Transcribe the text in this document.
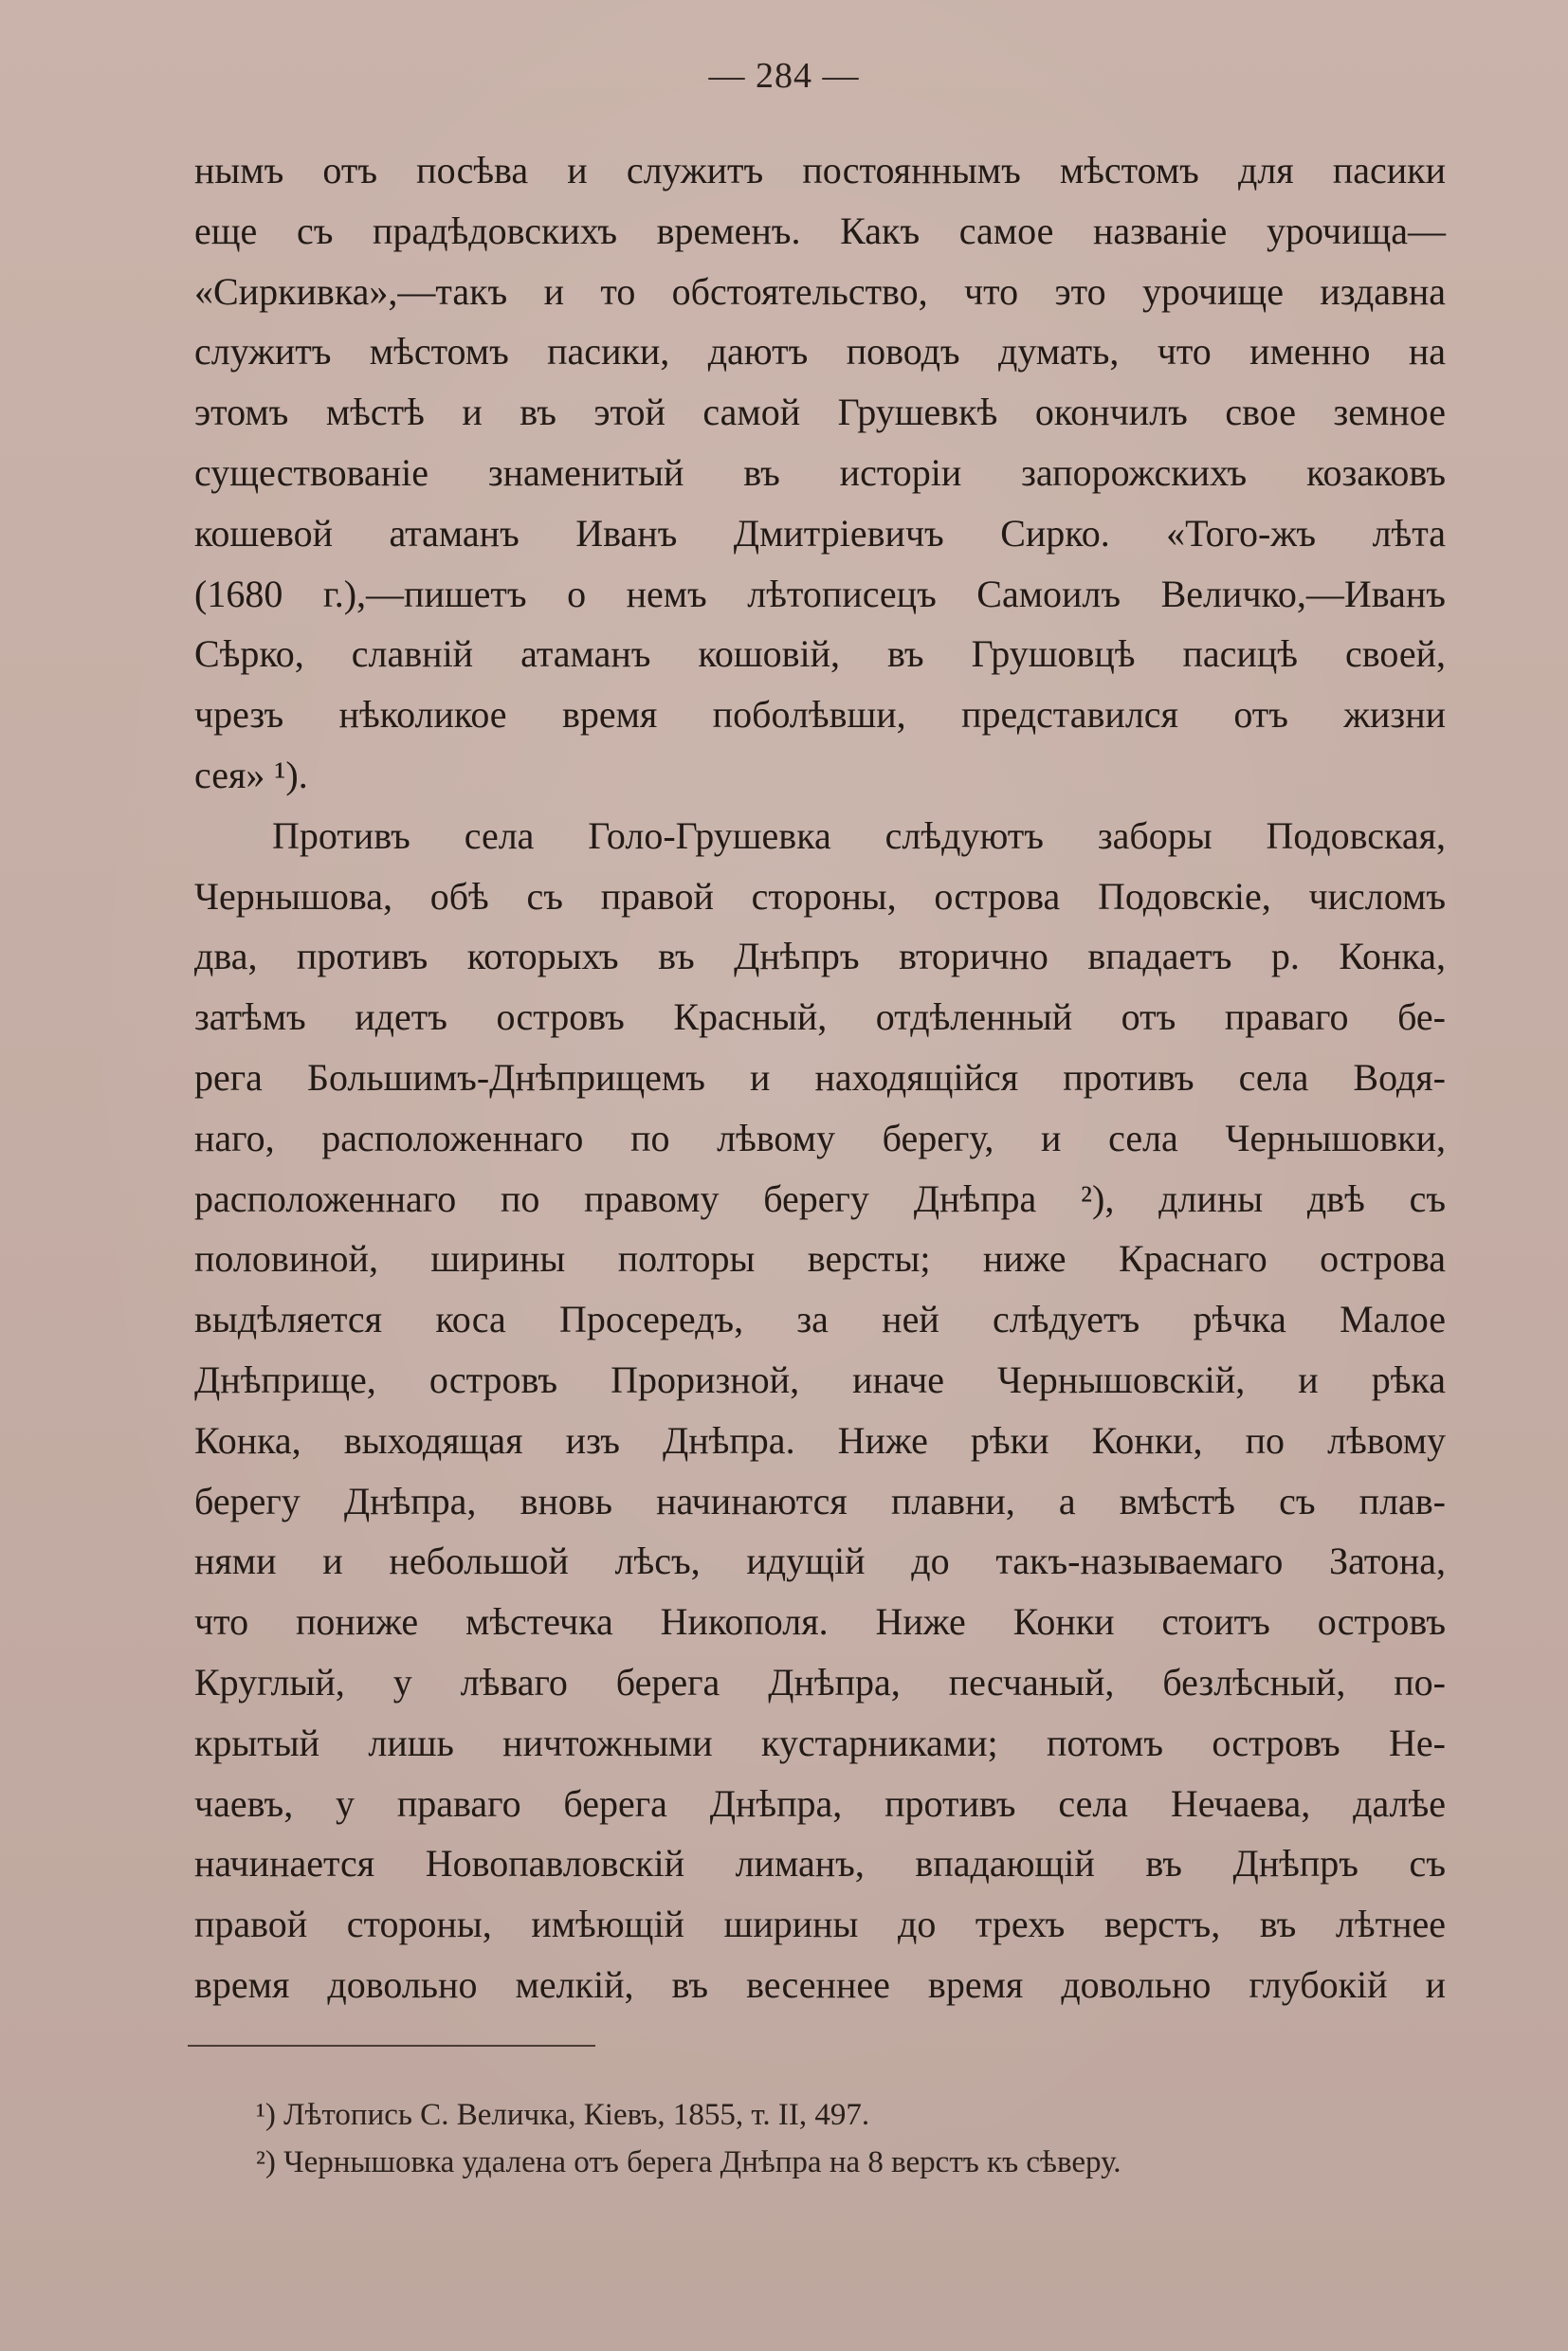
— 284 —
нымъ отъ посѣва и служитъ постояннымъ мѣстомъ для пасики
еще съ прадѣдовскихъ временъ. Какъ самое названіе урочища—
«Сиркивка»,—такъ и то обстоятельство, что это урочище издавна
служитъ мѣстомъ пасики, даютъ поводъ думать, что именно на
этомъ мѣстѣ и въ этой самой Грушевкѣ окончилъ свое земное
существованіе знаменитый въ исторіи запорожскихъ козаковъ
кошевой атаманъ Иванъ Дмитріевичъ Сирко. «Того-жъ лѣта
(1680 г.),—пишетъ о немъ лѣтописецъ Самоилъ Величко,—Иванъ
Сѣрко, славній атаманъ кошовій, въ Грушовцѣ пасицѣ своей,
чрезъ нѣколикое время поболѣвши, представился отъ жизни
сея» ¹).
Противъ села Голо-Грушевка слѣдуютъ заборы Подовская,
Чернышова, обѣ съ правой стороны, острова Подовскіе, числомъ
два, противъ которыхъ въ Днѣпръ вторично впадаетъ р. Конка,
затѣмъ идетъ островъ Красный, отдѣленный отъ праваго бе-
рега Большимъ-Днѣприщемъ и находящійся противъ села Водя-
наго, расположеннаго по лѣвому берегу, и села Чернышовки,
расположеннаго по правому берегу Днѣпра ²), длины двѣ съ
половиной, ширины полторы версты; ниже Краснаго острова
выдѣляется коса Просередъ, за ней слѣдуетъ рѣчка Малое
Днѣприще, островъ Проризной, иначе Чернышовскій, и рѣка
Конка, выходящая изъ Днѣпра. Ниже рѣки Конки, по лѣвому
берегу Днѣпра, вновь начинаются плавни, а вмѣстѣ съ плав-
нями и небольшой лѣсъ, идущій до такъ-называемаго Затона,
что пониже мѣстечка Никополя. Ниже Конки стоитъ островъ
Круглый, у лѣваго берега Днѣпра, песчаный, безлѣсный, по-
крытый лишь ничтожными кустарниками; потомъ островъ Не-
чаевъ, у праваго берега Днѣпра, противъ села Нечаева, далѣе
начинается Новопавловскій лиманъ, впадающій въ Днѣпръ съ
правой стороны, имѣющій ширины до трехъ верстъ, въ лѣтнее
время довольно мелкій, въ весеннее время довольно глубокій и
¹) Лѣтопись С. Величка, Кіевъ, 1855, т. II, 497.
²) Чернышовка удалена отъ берега Днѣпра на 8 верстъ къ сѣверу.
